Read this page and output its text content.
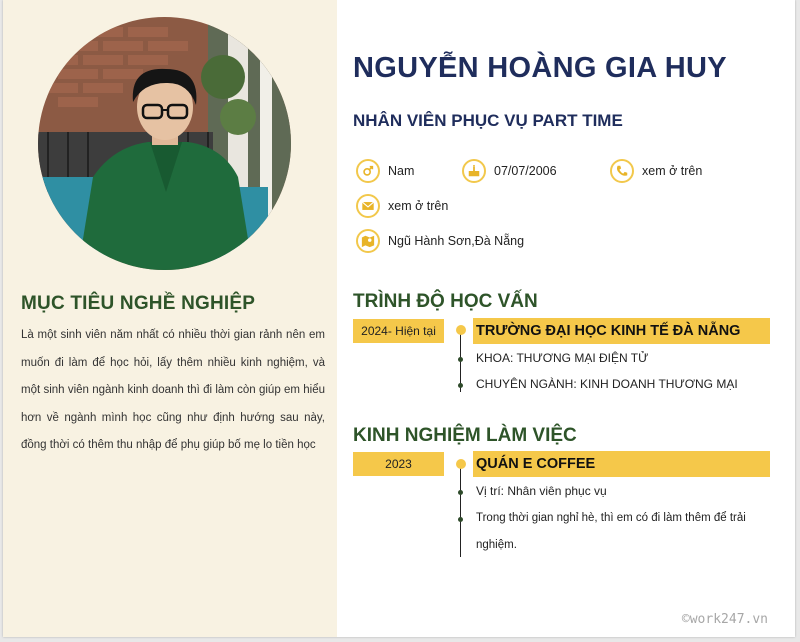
MỤC TIÊU NGHỀ NGHIỆP
Là một sinh viên năm nhất có nhiều thời gian rảnh nên em muốn đi làm để học hỏi, lấy thêm nhiều kinh nghiệm, và một sinh viên ngành kinh doanh thì đi làm còn giúp em hiểu hơn về ngành mình học cũng như định hướng sau này, đồng thời có thêm thu nhập để phụ giúp bố mẹ lo tiền học
NGUYỄN HOÀNG GIA HUY
NHÂN VIÊN PHỤC VỤ PART TIME
Nam	07/07/2006	xem ở trên
xem ở trên
Ngũ Hành Sơn,Đà Nẵng
TRÌNH ĐỘ HỌC VẤN
2024- Hiện tại	TRƯỜNG ĐẠI HỌC KINH TẾ ĐÀ NẴNG
KHOA: THƯƠNG MẠI ĐIỆN TỬ
CHUYÊN NGÀNH: KINH DOANH THƯƠNG MẠI
KINH NGHIỆM LÀM VIỆC
2023	QUÁN E COFFEE
Vị trí: Nhân viên phục vụ
Trong thời gian nghỉ hè, thì em có đi làm thêm để trải nghiệm.
©work247.vn
